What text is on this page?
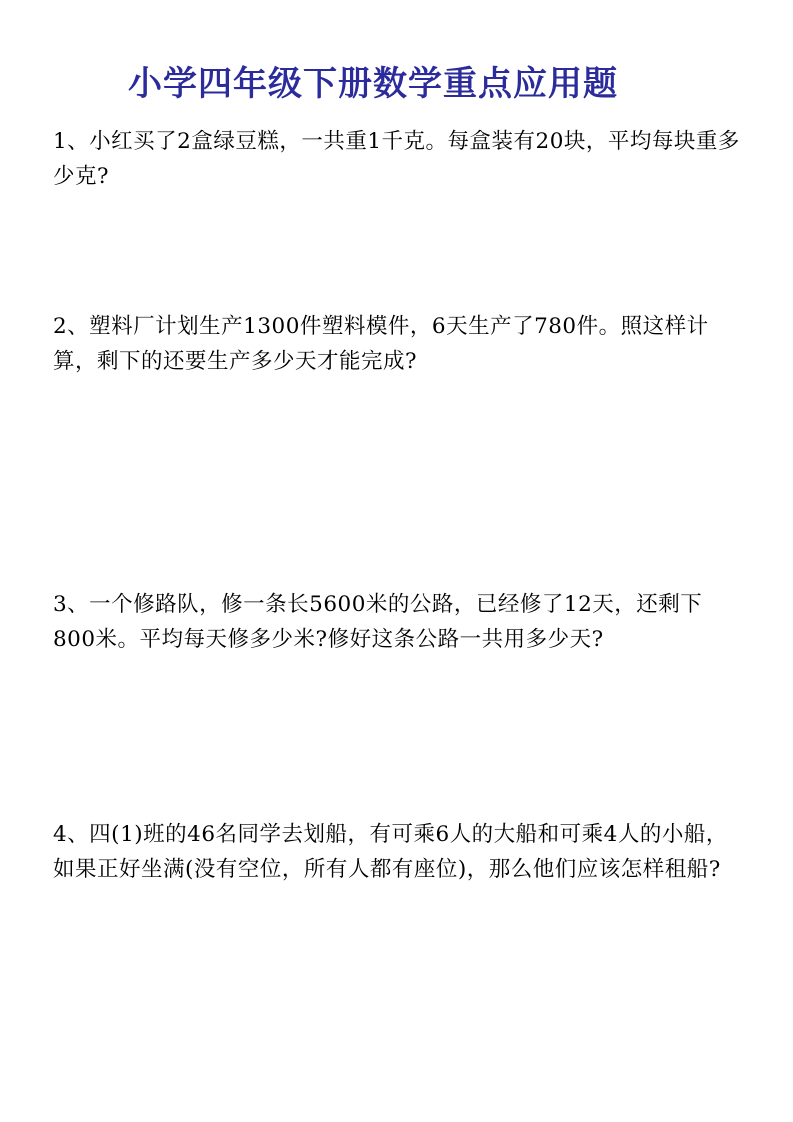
小学四年级下册数学重点应用题

1、小红买了2盒绿豆糕，一共重1千克。每盒装有20块，平均每块重多少克?

2、塑料厂计划生产1300件塑料模件，6天生产了780件。照这样计算，剩下的还要生产多少天才能完成?

3、一个修路队，修一条长5600米的公路，已经修了12天，还剩下800米。平均每天修多少米?修好这条公路一共用多少天?

4、四(1)班的46名同学去划船，有可乘6人的大船和可乘4人的小船，如果正好坐满(没有空位，所有人都有座位)，那么他们应该怎样租船?
